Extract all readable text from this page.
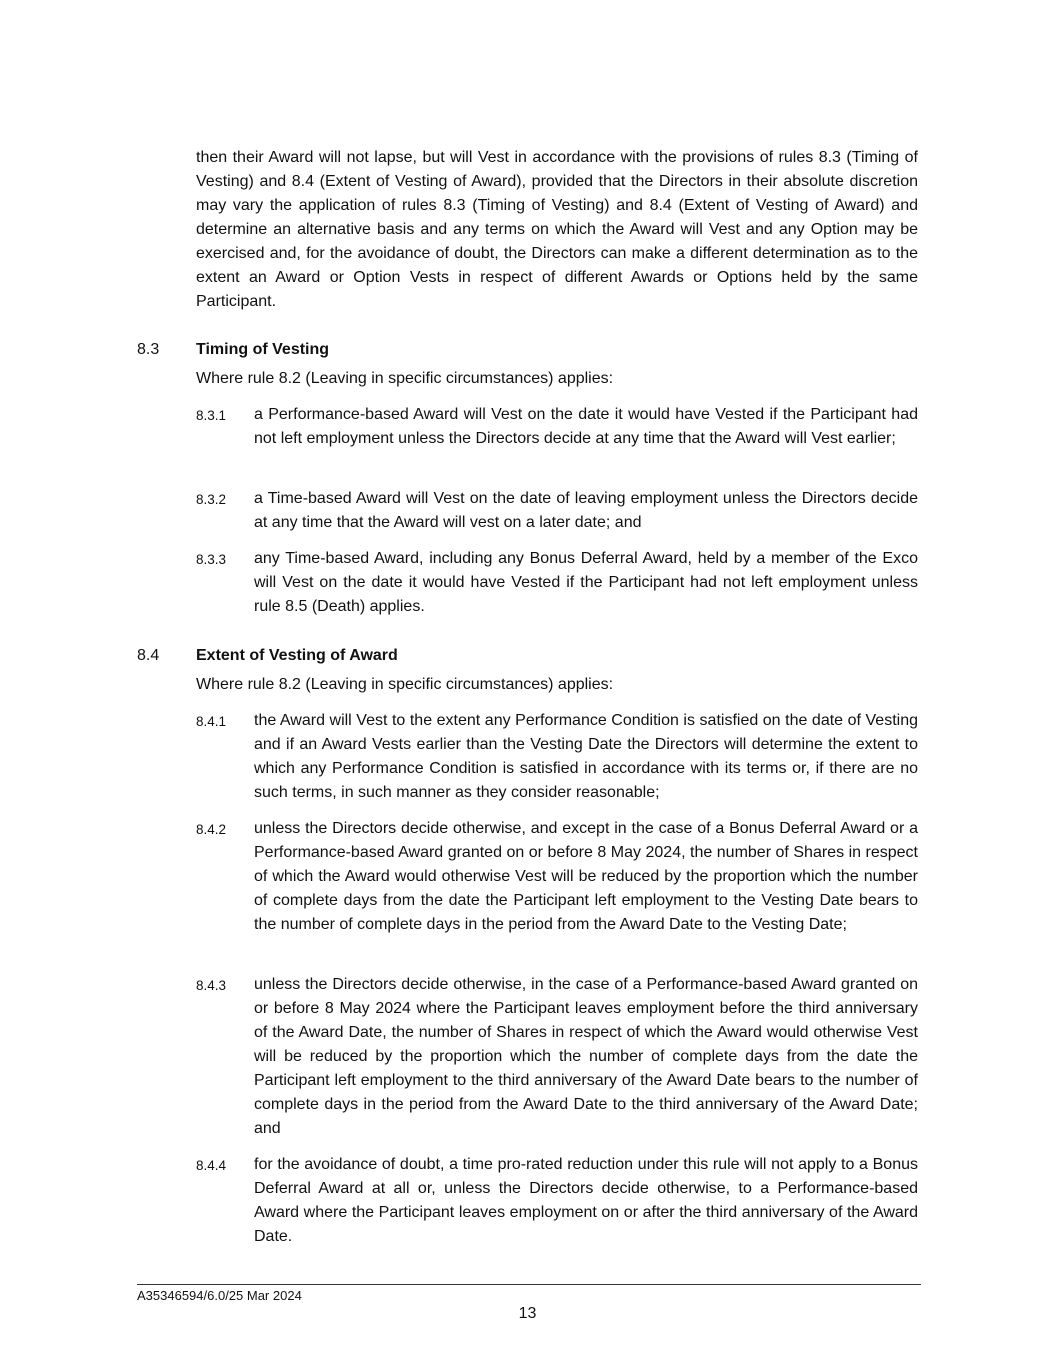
then their Award will not lapse, but will Vest in accordance with the provisions of rules 8.3 (Timing of Vesting) and 8.4 (Extent of Vesting of Award), provided that the Directors in their absolute discretion may vary the application of rules 8.3 (Timing of Vesting) and 8.4 (Extent of Vesting of Award) and determine an alternative basis and any terms on which the Award will Vest and any Option may be exercised and, for the avoidance of doubt, the Directors can make a different determination as to the extent an Award or Option Vests in respect of different Awards or Options held by the same Participant.

8.3	Timing of Vesting
Where rule 8.2 (Leaving in specific circumstances) applies:
8.3.1 a Performance-based Award will Vest on the date it would have Vested if the Participant had not left employment unless the Directors decide at any time that the Award will Vest earlier;

8.3.2 a Time-based Award will Vest on the date of leaving employment unless the Directors decide at any time that the Award will vest on a later date; and

8.3.3 any Time-based Award, including any Bonus Deferral Award, held by a member of the Exco will Vest on the date it would have Vested if the Participant had not left employment unless rule 8.5 (Death) applies.

8.4	Extent of Vesting of Award
Where rule 8.2 (Leaving in specific circumstances) applies:
8.4.1 the Award will Vest to the extent any Performance Condition is satisfied on the date of Vesting and if an Award Vests earlier than the Vesting Date the Directors will determine the extent to which any Performance Condition is satisfied in accordance with its terms or, if there are no such terms, in such manner as they consider reasonable;

8.4.2 unless the Directors decide otherwise, and except in the case of a Bonus Deferral Award or a Performance-based Award granted on or before 8 May 2024, the number of Shares in respect of which the Award would otherwise Vest will be reduced by the proportion which the number of complete days from the date the Participant left employment to the Vesting Date bears to the number of complete days in the period from the Award Date to the Vesting Date;

8.4.3 unless the Directors decide otherwise, in the case of a Performance-based Award granted on or before 8 May 2024 where the Participant leaves employment before the third anniversary of the Award Date, the number of Shares in respect of which the Award would otherwise Vest will be reduced by the proportion which the number of complete days from the date the Participant left employment to the third anniversary of the Award Date bears to the number of complete days in the period from the Award Date to the third anniversary of the Award Date; and

8.4.4 for the avoidance of doubt, a time pro-rated reduction under this rule will not apply to a Bonus Deferral Award at all or, unless the Directors decide otherwise, to a Performance-based Award where the Participant leaves employment on or after the third anniversary of the Award Date.

A35346594/6.0/25 Mar 2024
13
